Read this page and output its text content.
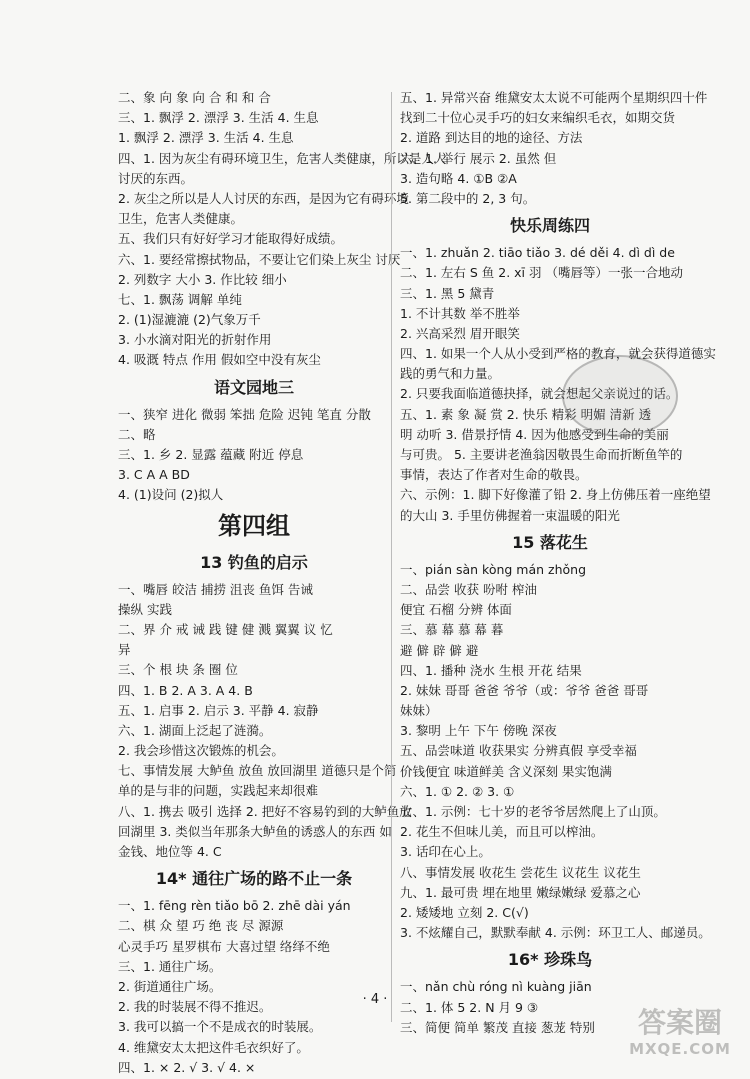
二、象 向 象 向 合 和 和 合
三、1. 飘浮 2. 漂浮 3. 生活 4. 生息
1. 飘浮 2. 漂浮 3. 生活 4. 生息
四、1. 因为灰尘有碍环境卫生，危害人类健康，所以是人人
讨厌的东西。
2. 灰尘之所以是人人讨厌的东西，是因为它有碍环境
卫生，危害人类健康。
五、我们只有好好学习才能取得好成绩。
六、1. 要经常擦拭物品，不要让它们染上灰尘 讨厌
2. 列数字 大小 3. 作比较 细小
七、1. 飘荡 调解 单纯
2. (1)湿漉漉 (2)气象万千
3. 小水滴对阳光的折射作用
4. 吸溉 特点 作用 假如空中没有灰尘
语文园地三
一、狭窄 进化 微弱 笨拙 危险 迟钝 笔直 分散
二、略
三、1. 乡 2. 显露 蕴藏 附近 停息
3. C A A BD
4. (1)设问 (2)拟人
第四组
13 钓鱼的启示
一、嘴唇 皎洁 捕捞 沮丧 鱼饵 告诫
操纵 实践
二、界 介 戒 诫 践 键 健 溅 翼翼 议 忆
异
三、个 根 块 条 圈 位
四、1. B 2. A 3. A 4. B
五、1. 启事 2. 启示 3. 平静 4. 寂静
六、1. 湖面上泛起了涟漪。
2. 我会珍惜这次锻炼的机会。
七、事情发展 大鲈鱼 放鱼 放回湖里 道德只是个简
单的是与非的问题，实践起来却很难
八、1. 携去 吸引 选择 2. 把好不容易钓到的大鲈鱼放
回湖里 3. 类似当年那条大鲈鱼的诱惑人的东西 如
金钱、地位等 4. C
14* 通往广场的路不止一条
一、1. fēng rèn tiǎo bō 2. zhē dài yán
二、棋 众 望 巧 绝 丧 尽 源源
心灵手巧 星罗棋布 大喜过望 络绎不绝
三、1. 通往广场。
2. 街道通往广场。
2. 我的时装展不得不推迟。
3. 我可以搞一个不是成衣的时装展。
4. 维黛安太太把这件毛衣织好了。
四、1. × 2. √ 3. √ 4. ×
五、1. 异常兴奋 维黛安太太说不可能两个星期织四十件
找到二十位心灵手巧的妇女来编织毛衣，如期交货
2. 道路 到达目的地的途径、方法
六、1. 举行 展示 2. 虽然 但
3. 造句略 4. ①B ②A
5. 第二段中的 2, 3 句。
快乐周练四
一、1. zhuǎn 2. tiāo tiǎo 3. dé děi 4. dì dì de
二、1. 左右 S 鱼 2. xī 羽 （嘴唇等）一张一合地动
三、1. 黑 5 黛青
1. 不计其数 举不胜举
2. 兴高采烈 眉开眼笑
四、1. 如果一个人从小受到严格的教育，就会获得道德实
践的勇气和力量。
2. 只要我面临道德抉择，就会想起父亲说过的话。
五、1. 素 象 凝 赏 2. 快乐 精彩 明媚 清新 透
明 动听 3. 借景抒情 4. 因为他感受到生命的美丽
与可贵。 5. 主要讲老渔翁因敬畏生命而折断鱼竿的
事情，表达了作者对生命的敬畏。
六、示例：1. 脚下好像灌了铅 2. 身上仿佛压着一座绝望
的大山 3. 手里仿佛握着一束温暖的阳光
15 落花生
一、pián sàn kòng mán zhǒng
二、品尝 收获 吩咐 榨油
便宜 石榴 分辨 体面
三、慕 幕 慕 幕 暮
避 僻 辟 僻 避
四、1. 播种 浇水 生根 开花 结果
2. 妹妹 哥哥 爸爸 爷爷（或：爷爷 爸爸 哥哥
妹妹）
3. 黎明 上午 下午 傍晚 深夜
五、品尝味道 收获果实 分辨真假 享受幸福
价钱便宜 味道鲜美 含义深刻 果实饱满
六、1. ① 2. ② 3. ①
七、1. 示例：七十岁的老爷爷居然爬上了山顶。
2. 花生不但味儿美，而且可以榨油。
3. 话印在心上。
八、事情发展 收花生 尝花生 议花生 议花生
九、1. 最可贵 埋在地里 嫩绿嫩绿 爱慕之心
2. 矮矮地 立刻 2. C(√)
3. 不炫耀自己，默默奉献 4. 示例：环卫工人、邮递员。
16* 珍珠鸟
一、nǎn chù róng nì kuàng jiān
二、1. 体 5 2. N 月 9 ③
三、简便 简单 繁茂 直接 葱茏 特别
· 4 ·
答案圈
MXQE.COM
